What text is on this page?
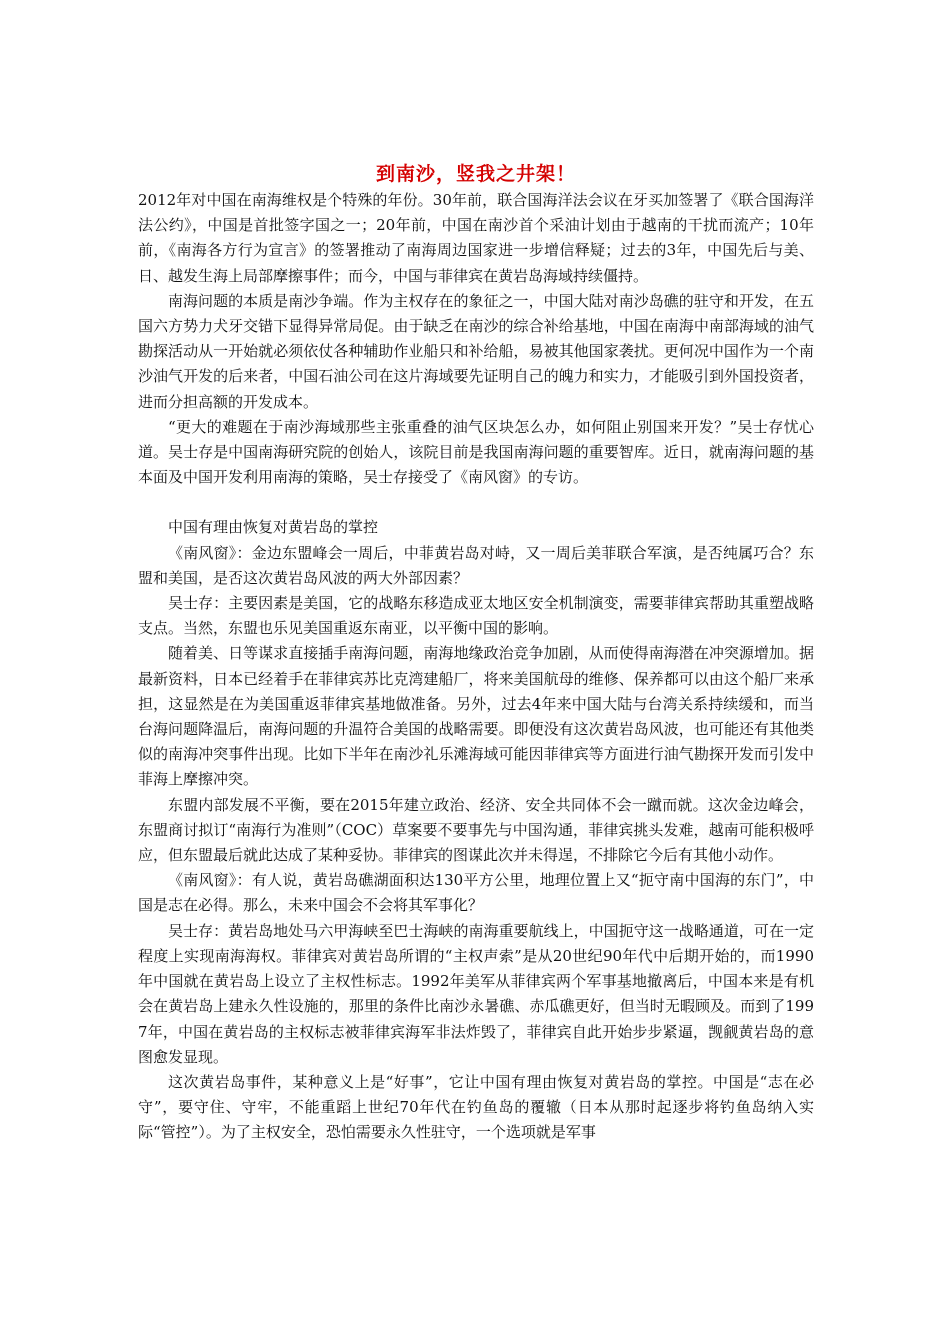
到南沙，竖我之井架！

2012年对中国在南海维权是个特殊的年份。30年前，联合国海洋法会议在牙买加签署了《联合国海洋法公约》，中国是首批签字国之一；20年前，中国在南沙首个采油计划由于越南的干扰而流产；10年前，《南海各方行为宣言》的签署推动了南海周边国家进一步增信释疑；过去的3年，中国先后与美、日、越发生海上局部摩擦事件；而今，中国与菲律宾在黄岩岛海域持续僵持。

南海问题的本质是南沙争端。作为主权存在的象征之一，中国大陆对南沙岛礁的驻守和开发，在五国六方势力犬牙交错下显得异常局促。由于缺乏在南沙的综合补给基地，中国在南海中南部海域的油气勘探活动从一开始就必须依仗各种辅助作业船只和补给船，易被其他国家袭扰。更何况中国作为一个南沙油气开发的后来者，中国石油公司在这片海域要先证明自己的魄力和实力，才能吸引到外国投资者，进而分担高额的开发成本。

“更大的难题在于南沙海域那些主张重叠的油气区块怎么办，如何阻止别国来开发？”吴士存忧心道。吴士存是中国南海研究院的创始人，该院目前是我国南海问题的重要智库。近日，就南海问题的基本面及中国开发利用南海的策略，吴士存接受了《南风窗》的专访。

中国有理由恢复对黄岩岛的掌控

《南风窗》：金边东盟峰会一周后，中菲黄岩岛对峙，又一周后美菲联合军演，是否纯属巧合？东盟和美国，是否这次黄岩岛风波的两大外部因素？

吴士存：主要因素是美国，它的战略东移造成亚太地区安全机制演变，需要菲律宾帮助其重塑战略支点。当然，东盟也乐见美国重返东南亚，以平衡中国的影响。

随着美、日等谋求直接插手南海问题，南海地缘政治竞争加剧，从而使得南海潜在冲突源增加。据最新资料，日本已经着手在菲律宾苏比克湾建船厂，将来美国航母的维修、保养都可以由这个船厂来承担，这显然是在为美国重返菲律宾基地做准备。另外，过去4年来中国大陆与台湾关系持续缓和，而当台海问题降温后，南海问题的升温符合美国的战略需要。即便没有这次黄岩岛风波，也可能还有其他类似的南海冲突事件出现。比如下半年在南沙礼乐滩海域可能因菲律宾等方面进行油气勘探开发而引发中菲海上摩擦冲突。

东盟内部发展不平衡，要在2015年建立政治、经济、安全共同体不会一蹴而就。这次金边峰会，东盟商讨拟订“南海行为准则”（COC）草案要不要事先与中国沟通，菲律宾挑头发难，越南可能积极呼应，但东盟最后就此达成了某种妥协。菲律宾的图谋此次并未得逞，不排除它今后有其他小动作。

《南风窗》：有人说，黄岩岛礁湖面积达130平方公里，地理位置上又“扼守南中国海的东门”，中国是志在必得。那么，未来中国会不会将其军事化？

吴士存：黄岩岛地处马六甲海峡至巴士海峡的南海重要航线上，中国扼守这一战略通道，可在一定程度上实现南海海权。菲律宾对黄岩岛所谓的“主权声索”是从20世纪90年代中后期开始的，而1990年中国就在黄岩岛上设立了主权性标志。1992年美军从菲律宾两个军事基地撤离后，中国本来是有机会在黄岩岛上建永久性设施的，那里的条件比南沙永暑礁、赤瓜礁更好，但当时无暇顾及。而到了1997年，中国在黄岩岛的主权标志被菲律宾海军非法炸毁了，菲律宾自此开始步步紧逼，觊觎黄岩岛的意图愈发显现。

这次黄岩岛事件，某种意义上是“好事”，它让中国有理由恢复对黄岩岛的掌控。中国是“志在必守”，要守住、守牢，不能重蹈上世纪70年代在钓鱼岛的覆辙（日本从那时起逐步将钓鱼岛纳入实际“管控”）。为了主权安全，恐怕需要永久性驻守，一个选项就是军事
